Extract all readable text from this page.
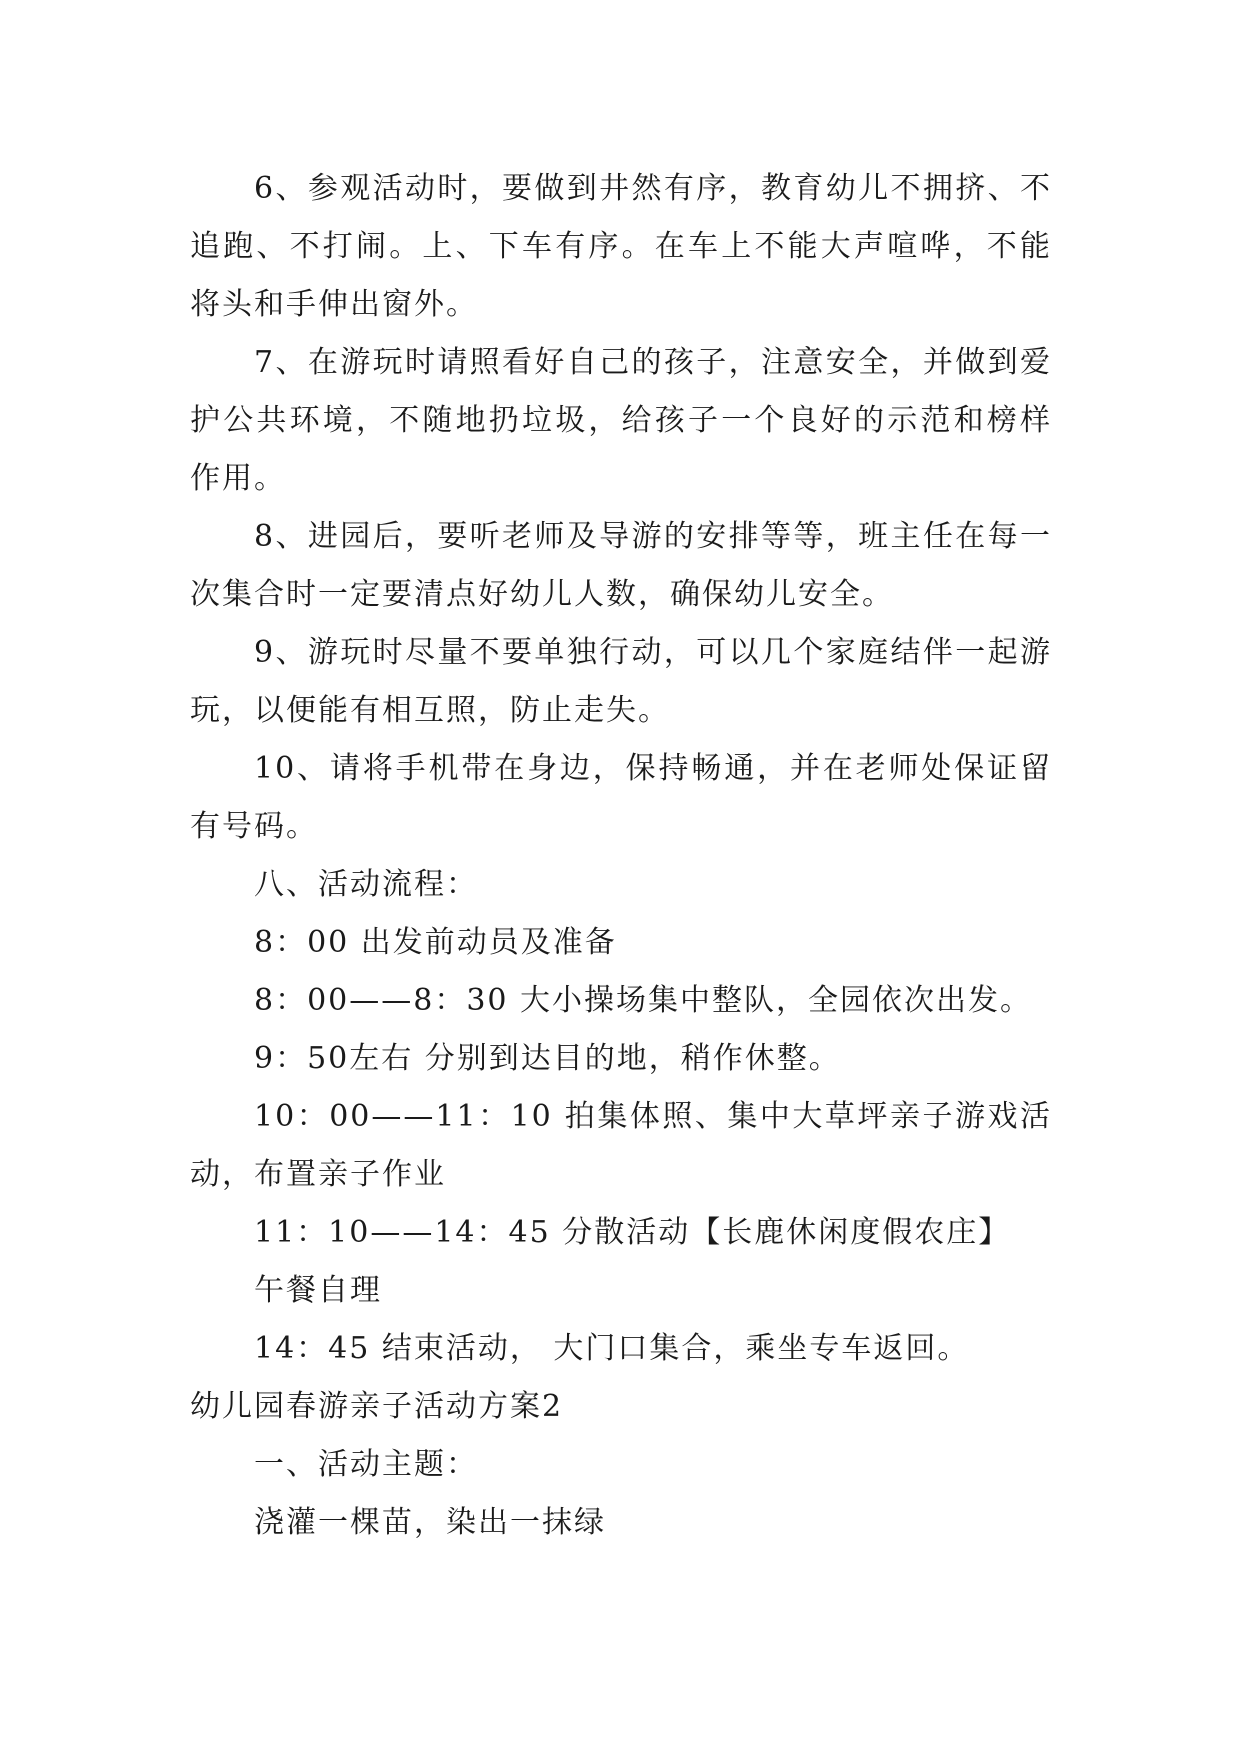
6、参观活动时，要做到井然有序，教育幼儿不拥挤、不追跑、不打闹。上、下车有序。在车上不能大声喧哗，不能将头和手伸出窗外。

7、在游玩时请照看好自己的孩子，注意安全，并做到爱护公共环境，不随地扔垃圾，给孩子一个良好的示范和榜样作用。

8、进园后，要听老师及导游的安排等等，班主任在每一次集合时一定要清点好幼儿人数，确保幼儿安全。

9、游玩时尽量不要单独行动，可以几个家庭结伴一起游玩，以便能有相互照，防止走失。

10、请将手机带在身边，保持畅通，并在老师处保证留有号码。

八、活动流程：

8：00 出发前动员及准备

8：00——8：30 大小操场集中整队，全园依次出发。

9：50左右 分别到达目的地，稍作休整。

10：00——11：10 拍集体照、集中大草坪亲子游戏活动，布置亲子作业

11：10——14：45 分散活动【长鹿休闲度假农庄】

午餐自理

14：45 结束活动， 大门口集合，乘坐专车返回。

幼儿园春游亲子活动方案2

一、活动主题：

浇灌一棵苗，染出一抹绿
